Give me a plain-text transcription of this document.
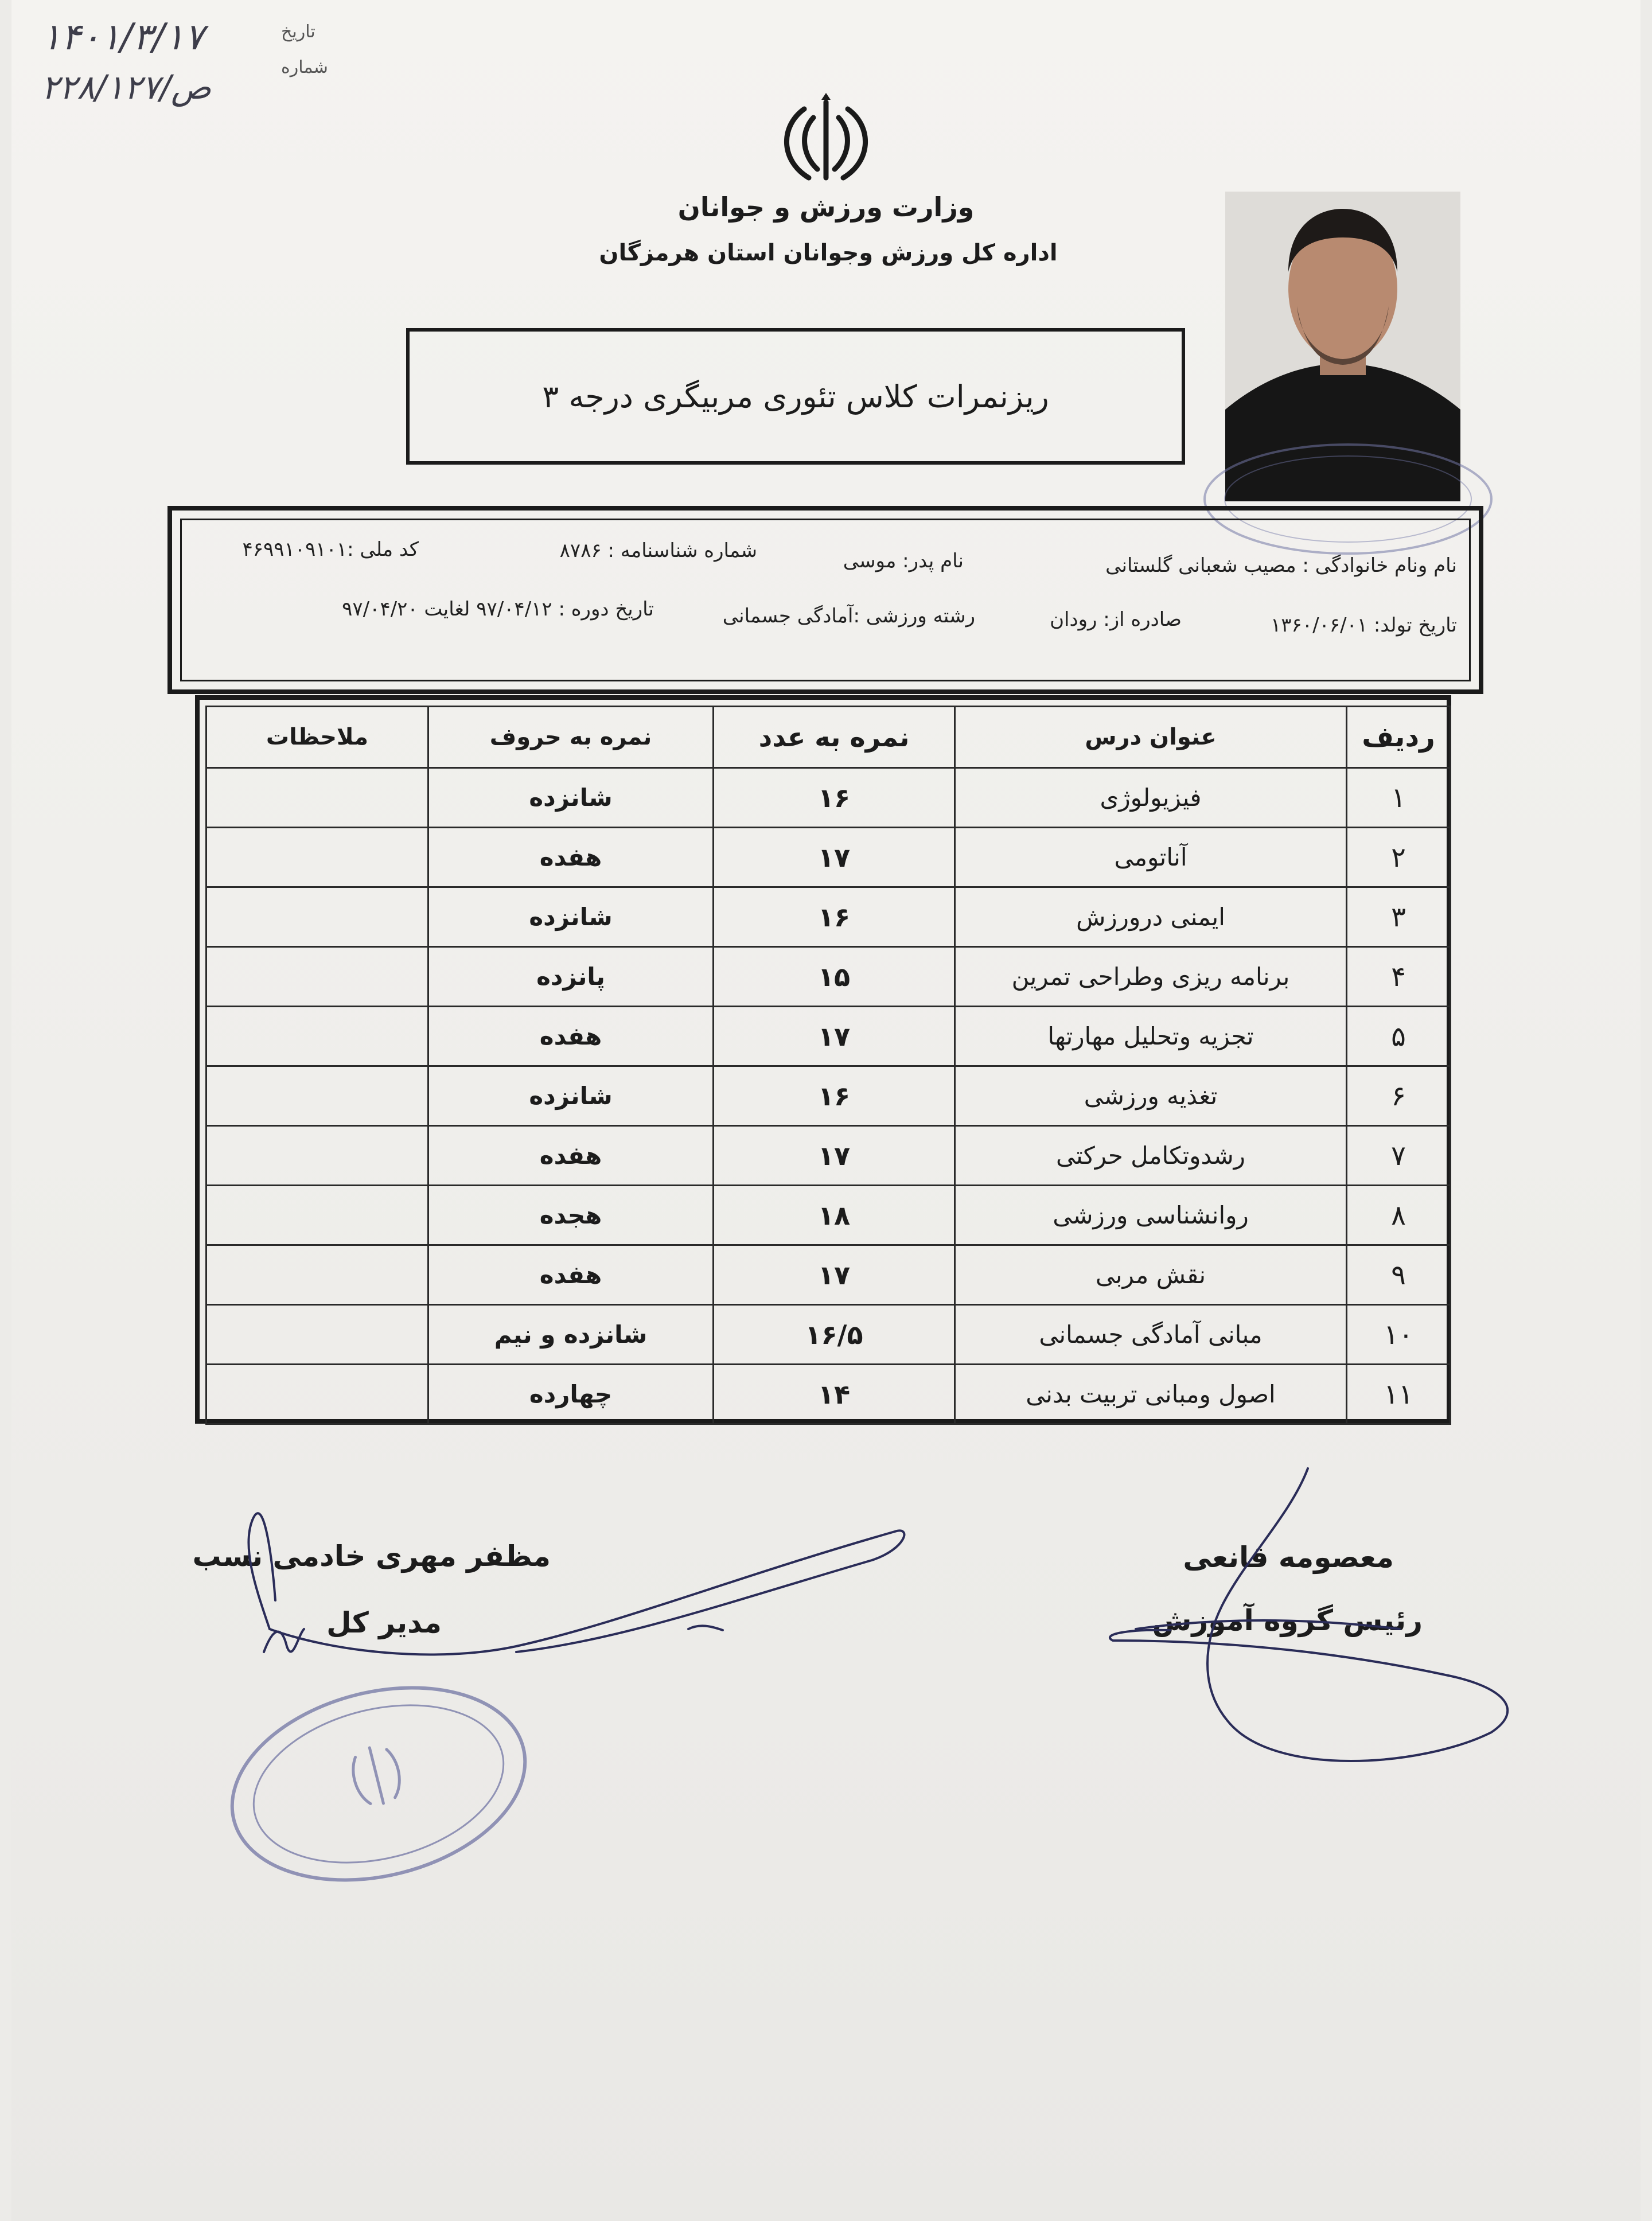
تاریخ
۱۴۰۱/۳/۱۷
شماره
۲۲۸/ص/۱۲۷
وزارت ورزش و جوانان
اداره کل ورزش وجوانان استان هرمزگان
ریزنمرات کلاس تئوری مربیگری درجه ۳
نام ونام خانوادگی : مصیب شعبانی گلستانی
نام پدر: موسی
شماره شناسنامه : ۸۷۸۶
کد ملی :۴۶۹۹۱۰۹۱۰۱
تاریخ تولد: ۱۳۶۰/۰۶/۰۱
صادره از: رودان
رشته ورزشی :آمادگی جسمانی
تاریخ دوره : ۹۷/۰۴/۱۲ لغایت ۹۷/۰۴/۲۰
ردیف	عنوان درس	نمره به عدد	نمره به حروف	ملاحظات
۱	فیزیولوژی	۱۶	شانزده	
۲	آناتومی	۱۷	هفده	
۳	ایمنی درورزش	۱۶	شانزده	
۴	برنامه ریزی وطراحی تمرین	۱۵	پانزده	
۵	تجزیه وتحلیل مهارتها	۱۷	هفده	
۶	تغذیه ورزشی	۱۶	شانزده	
۷	رشدوتکامل حرکتی	۱۷	هفده	
۸	روانشناسی ورزشی	۱۸	هجده	
۹	نقش مربی	۱۷	هفده	
۱۰	مبانی آمادگی جسمانی	۱۶/۵	شانزده و نیم	
۱۱	اصول ومبانی تربیت بدنی	۱۴	چهارده	
مظفر مهری خادمی نسب
مدیر کل
معصومه قانعی
رئیس گروه آموزش
